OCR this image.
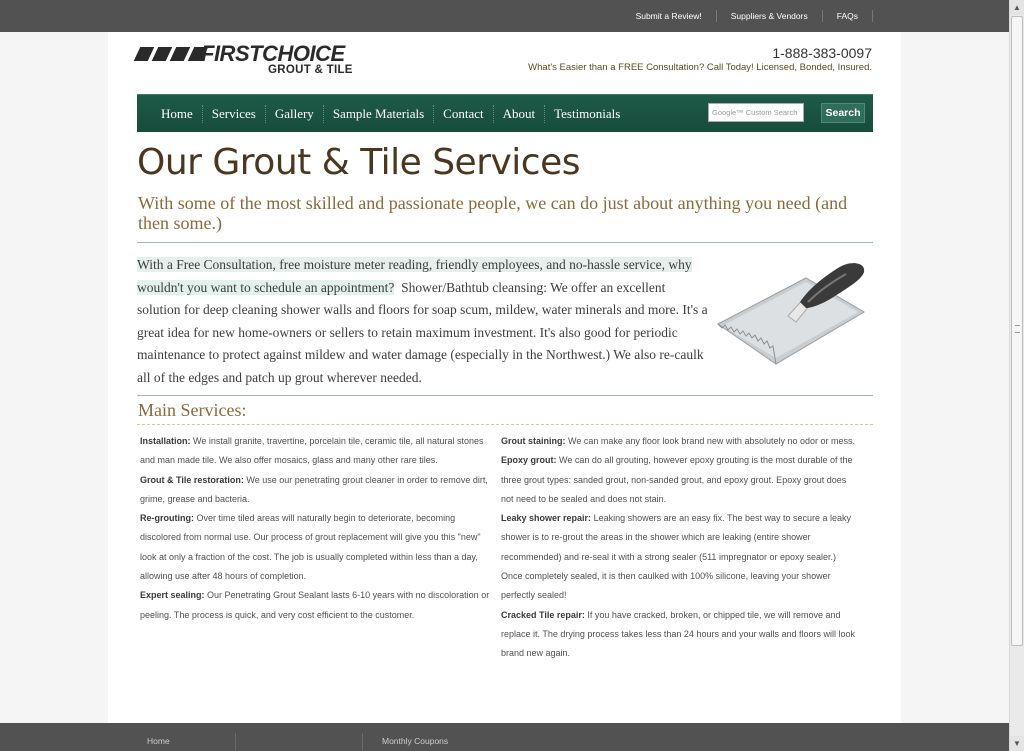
Submit a Review!	Suppliers & Vendors	FAQs
FIRSTCHOICE
GROUT & TILE
1-888-383-0097
What's Easier than a FREE Consultation? Call Today! Licensed, Bonded, Insured.
Home	Services	Gallery	Sample Materials	Contact	About	Testimonials	Google™ Custom Search	Search
Our Grout & Tile Services
With some of the most skilled and passionate people, we can do just about anything you need (and then some.)
With a Free Consultation, free moisture meter reading, friendly employees, and no-hassle service, why wouldn't you want to schedule an appointment? Shower/Bathtub cleansing: We offer an excellent solution for deep cleaning shower walls and floors for soap scum, mildew, water minerals and more. It's a great idea for new home-owners or sellers to retain maximum investment. It's also good for periodic maintenance to protect against mildew and water damage (especially in the Northwest.) We also re-caulk all of the edges and patch up grout wherever needed.
Main Services:

Installation: We install granite, travertine, porcelain tile, ceramic tile, all natural stones and man made tile. We also offer mosaics, glass and many other rare tiles.

Grout & Tile restoration: We use our penetrating grout cleaner in order to remove dirt, grime, grease and bacteria.

Re-grouting: Over time tiled areas will naturally begin to deteriorate, becoming discolored from normal use. Our process of grout replacement will give you this "new" look at only a fraction of the cost. The job is usually completed within less than a day, allowing use after 48 hours of completion.

Expert sealing: Our Penetrating Grout Sealant lasts 6-10 years with no discoloration or peeling. The process is quick, and very cost efficient to the customer.

Grout staining: We can make any floor look brand new with absolutely no odor or mess.

Epoxy grout: We can do all grouting, however epoxy grouting is the most durable of the three grout types: sanded grout, non-sanded grout, and epoxy grout. Epoxy grout does not need to be sealed and does not stain.

Leaky shower repair: Leaking showers are an easy fix. The best way to secure a leaky shower is to re-grout the areas in the shower which are leaking (entire shower recommended) and re-seal it with a strong sealer (511 impregnator or epoxy sealer.) Once completely sealed, it is then caulked with 100% silicone, leaving your shower perfectly sealed!

Cracked Tile repair: If you have cracked, broken, or chipped tile, we will remove and replace it. The drying process takes less than 24 hours and your walls and floors will look brand new again.

Home	Monthly Coupons
▲
▼
